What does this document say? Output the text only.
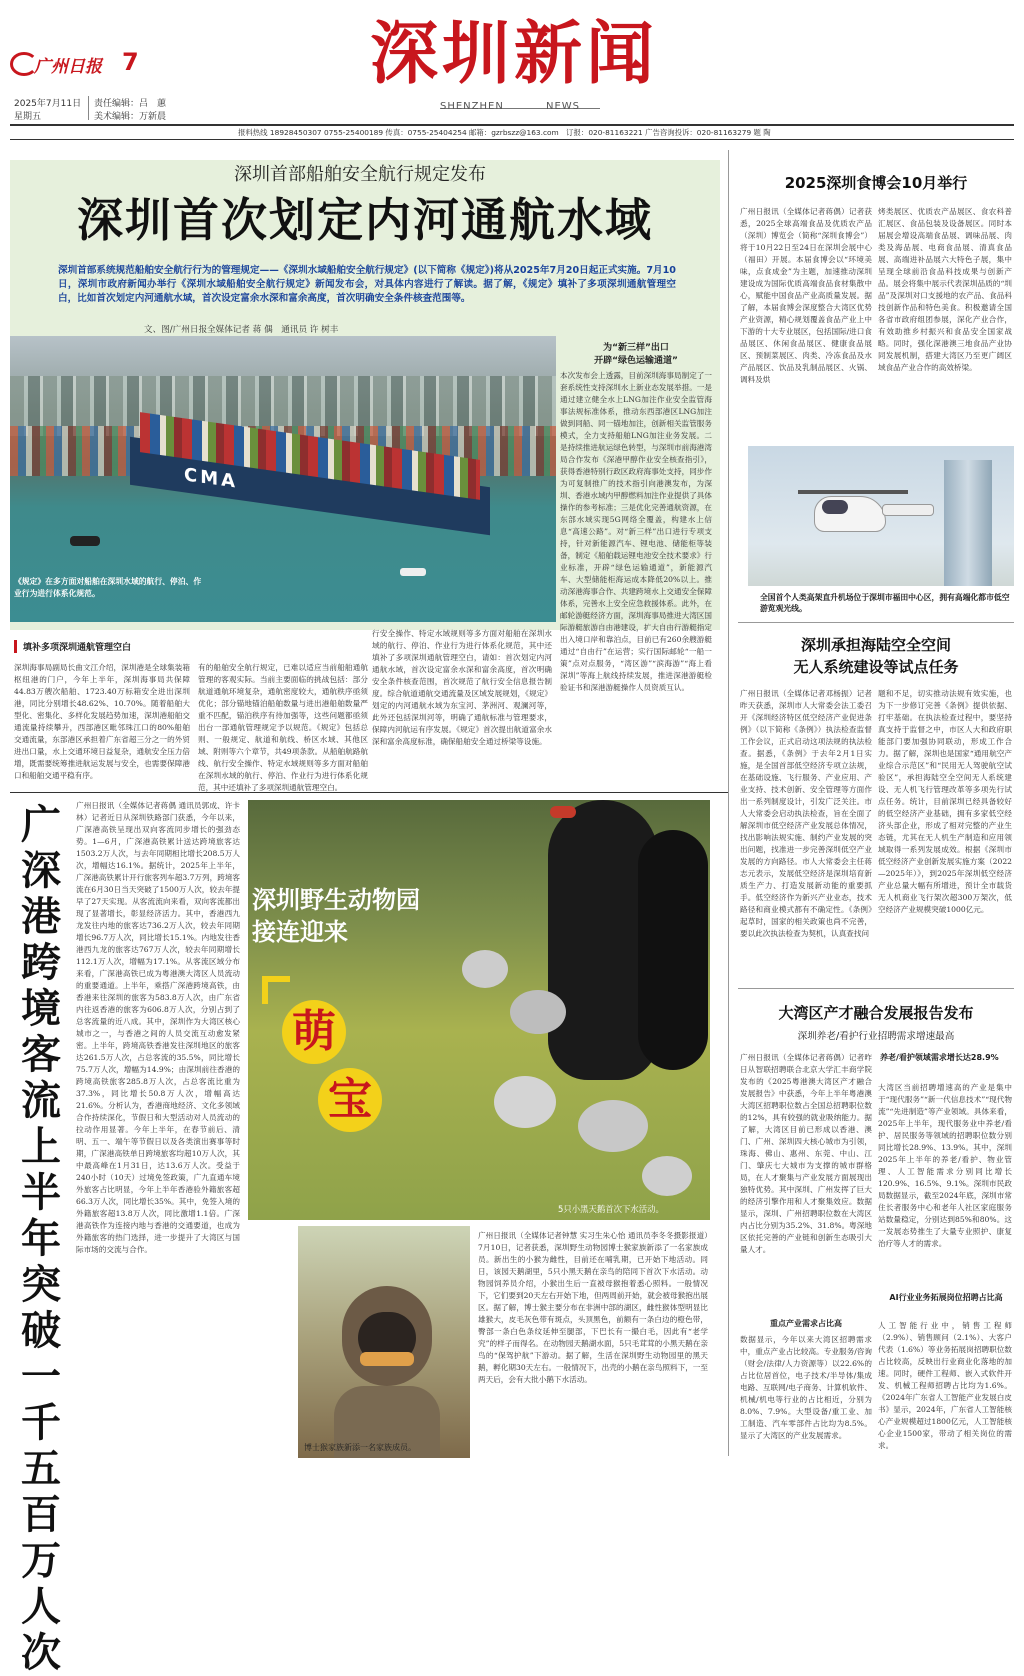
广州日报 7	深圳新闻
SHENZHEN	NEWS
2025年7月11日
星期五
责任编辑：吕　蕙
美术编辑：万新晨
报料热线 18928450307 0755-25400189 传真：0755-25404254 邮箱：gzrbszz@163.com　订报：020-81163221 广告咨询投诉：020-81163279 题 陶
深圳首部船舶安全航行规定发布
深圳首次划定内河通航水域
深圳首部系统规范船舶安全航行行为的管理规定——《深圳水域船舶安全航行规定》(以下简称《规定》)将从2025年7月20日起正式实施。7月10日，深圳市政府新闻办举行《深圳水域船舶安全航行规定》新闻发布会，对具体内容进行了解读。据了解，《规定》填补了多项深圳通航管理空白，比如首次划定内河通航水域，首次设定富余水深和富余高度，首次明确安全条件核查范围等。
文、图/广州日报全媒体记者 蒋 偶　通讯员 许 树丰
CMA
《规定》在多方面对船舶在深圳水域的航行、停泊、作业行为进行体系化规范。
为“新三样”出口
开辟“绿色运输通道”
本次发布会上透露，目前深圳海事局制定了一套系统性支持深圳水上新业态发展举措。一是通过建立健全水上LNG加注作业安全监管海事法规标准体系，推动东西部港区LNG加注做到同船、同一锚地加注，创新相关监管服务模式，全力支持船舶LNG加注业务发展。二是持续推进航运绿色转型，与深圳市前海港湾局合作发布《深港甲醇作业安全核查指引》，获得香港特别行政区政府海事处支持，同步作为可复制推广的技术指引向港澳发布，为深圳、香港水域内甲醇燃料加注作业提供了具体操作的参考标准；三是优化完善通航资源，在东部水域实现5G网络全覆盖，构建水上信息“高速公路”。对“新三样”出口进行专项支持，针对新能源汽车、锂电池、储能柜等装备，制定《船舶载运锂电池安全技术要求》行业标准，开辟“绿色运输通道”，新能源汽车、大型储能柜海运成本降低20%以上。推动深港海事合作、共建跨境水上交通安全保障体系，完善水上安全应急救援体系。此外，在邮轮游艇经济方面，深圳海事局推进大湾区国际游艇旅游自由港建设，扩大自由行游艇指定出入境口岸和靠泊点，目前已有260余艘游艇通过“自由行”在运营；实行国际邮轮“一船一策”点对点服务，“湾区游”“滨海游”“海上看深圳”等海上航线持续发展，推进深港游艇检验证书和深港游艇操作人员资质互认。
填补多项深圳通航管理空白
深圳海事局副局长曲文江介绍，深圳港是全球集装箱枢纽港的门户，今年上半年，深圳海事局共保障44.83万艘次船舶、1723.40万标箱安全进出深圳港，同比分别增长48.62%、10.70%。随着船舶大型化、密集化、多样化发展趋势加速，深圳港船舶交通流量持续攀升，西部港区毗邻珠江口的80%船舶交通流量，东部港区承担着广东省超三分之一的外贸进出口量，水上交通环境日益复杂，通航安全压力倍增，既需要统筹推进航运发展与安全，也需要保障港口和船舶交通平稳有序。
有的船舶安全航行规定，已难以适应当前船舶通航管理的客观实际。当前主要面临的挑战包括：部分航道通航环境复杂，通航密度较大，通航秩序亟须优化；部分锚地锚泊船舶数量与进出港船舶数量严重不匹配，锚泊秩序有待加强等，这些问题都亟须出台一部通航管理规定予以规范。《规定》包括总则、一般规定、航道和航线、桥区水域、其他区域、附则等六个章节，共49项条款。从船舶航路航线、航行安全操作、特定水域规则等多方面对船舶在深圳水域的航行、停泊、作业行为进行体系化规范，其中还填补了多项深圳通航管理空白。
行安全操作、特定水域规则等多方面对船舶在深圳水域的航行、停泊、作业行为进行体系化规范，其中还填补了多项深圳通航管理空白，请如：首次划定内河通航水域，首次设定富余水深和富余高度，首次明确安全条件核查范围，首次规范了航行安全信息报告制度。综合航道通航交通流量及区域发展规划，《规定》划定的内河通航水域为东宝河、茅洲河、观澜河等，此外还包括深圳河等，明确了通航标准与管理要求，保障内河航运有序发展。《规定》首次提出航道富余水深和富余高度标准，确保船舶安全通过桥梁等设施。
广深港跨境客流上半年突破一千五百万人次
广州日报讯（全媒体记者蒋偶 通讯员郭成、许卡林）记者近日从深圳铁路部门获悉，今年以来，广深港高铁呈现出双向客流同步增长的强劲态势。1—6月，广深港高铁累计送达跨境旅客达1503.2万人次，与去年同期相比增长208.5万人次，增幅达16.1%。据统计，2025年上半年，广深港高铁累计开行旅客列车超3.7万列，跨境客流在6月30日当天突破了1500万人次，较去年提早了27天实现。从客流流向来看，双向客流都出现了显著增长，彰显经济活力。其中，香港西九龙发往内地的旅客达736.2万人次，较去年同期增长96.7万人次，同比增长15.1%。内地发往香港西九龙的旅客达767万人次，较去年同期增长112.1万人次，增幅为17.1%。从客流区域分布来看，广深港高铁已成为粤港澳大湾区人员流动的重要通道。上半年，乘搭广深港跨境高铁，由香港来往深圳的旅客为583.8万人次，由广东省内往返香港的旅客为606.8万人次，分别占到了总客流量的近八成。其中，深圳作为大湾区核心城市之一，与香港之间的人员交流互动愈发紧密。上半年，跨境高铁香港发往深圳地区的旅客达261.5万人次，占总客流的35.5%，同比增长75.7万人次，增幅为14.9%；由深圳前往香港的跨境高铁旅客285.8万人次，占总客流比重为37.3%，同比增长50.8万人次，增幅高达21.6%。分析认为，香港商地经济、文化多领域合作持续深化，节假日和大型活动对人员流动的拉动作用显著。今年上半年，在春节前后、清明、五一、端午等节假日以及各类演出赛事等时期，广深港高铁单日跨境旅客均超10万人次，其中最高峰在1月31日，达13.6万人次。受益于240小时（10天）过境免签政策，广九直通车境外旅客占比明显，今年上半年香港验外籍旅客超66.3万人次，同比增长35%。其中，免签入境的外籍旅客超13.8万人次，同比激增1.1倍。广深港高铁作为连接内地与香港的交通要道，也成为外籍旅客的热门选择，进一步提升了大湾区与国际市场的交流与合作。
深圳野生动物园
接连迎来
萌
宝
5只小黑天鹅首次下水活动。
博士猴家族新添一名家族成员。
广州日报讯（全媒体记者钟慧 实习生朱心怡 通讯员李冬冬摄影报道）7月10日，记者获悉，深圳野生动物园博士猴家族新添了一名家族成员。新出生的小猴为雌性，目前还在哺乳期，已开始下地活动。同日，该园天鹅湖里，5只小黑天鹅在亲鸟的陪同下首次下水活动。动物园饲养员介绍，小猴出生后一直被母猴抱着悉心照料。一般情况下，它们要到20天左右开始下地，但两周前开始，就会被母猴抱出展区。据了解，博士猴主要分布在非洲中部的湖区，雌性猴体型明显比雄猴大，皮毛灰色带有斑点，头顶黑色，前额有一条白边的橙色带，臀部一条白色条纹延伸至腿部，下巴长有一撮白毛，因此有“老学究”的样子而得名。在动物园天鹅湖水面，5只毛茸茸的小黑天鹅在亲鸟的“保驾护航”下游动。据了解，生活在深圳野生动物园里的黑天鹅，孵化期30天左右。一般情况下，出壳的小鹅在亲鸟照料下，一至两天后，会有大批小鹅下水活动。
2025深圳食博会10月举行
广州日报讯（全媒体记者蒋偶）记者获悉，2025全球高端食品及优质农产品（深圳）博览会（简称“深圳食博会”）将于10月22日至24日在深圳会展中心（福田）开展。本届食博会以“环境美味，点食成金”为主题，加速推动深圳建设成为国际优质高端食品食材集散中心，赋能中国食品产业高质量发展。据了解，本届食博会深度整合大湾区优势产业资源，精心规划覆盖食品产业上中下游的十大专业展区，包括国际/进口食品展区、休闲食品展区、健康食品展区、预制菜展区、肉类、冷冻食品及水产品展区、饮品及乳制品展区、火锅、调料及烘
烤类展区、优质农产品展区、食农科普汇展区、食品包装及设备展区。同时本届展会增设高端食品展、调味品展、肉类及海品展、电商食品展、清真食品展、高端进补品展六大特色子展，集中呈现全球前沿食品科技成果与创新产品。展会将集中展示代表深圳品质的“圳品”及深圳对口支援地的农产品、食品科技创新作品和特色美食。积极邀请全国各省市政府组团参展，深化产业合作，有效助推乡村振兴和食品安全国家战略。同时，强化深港澳三地食品产业协同发展机制，搭建大湾区乃至更广阔区域食品产业合作的高效桥梁。
全国首个人类高架直升机场位于深圳市福田中心区，拥有高端化都市低空游览观光线。
深圳承担海陆空全空间
无人系统建设等试点任务
广州日报讯（全媒体记者邓杨振）记者昨天获悉，深圳市人大常委会法工委召开《深圳经济特区低空经济产业促进条例》（以下简称《条例》）执法检查监督工作会议，正式启动这项法规的执法检查。据悉，《条例》于去年2月1日实施，是全国首部低空经济专项立法规，在基础设施、飞行服务、产业应用、产业支持、技术创新、安全管理等方面作出一系列制度设计，引发广泛关注。市人大常委会启动执法检查，旨在全面了解深圳市低空经济产业发展总体情况，找出影响法规实施、制约产业发展的突出问题，找准进一步完善深圳低空产业发展的方向路径。市人大常委会主任蒋志元表示，发展低空经济是深圳培育新质生产力、打造发展新动能的重要抓手。低空经济作为新兴产业业态，技术路径和商业模式都有不确定性。《条例》起草时，国家的相关政策也尚不完善，要以此次执法检查为契机，认真查找问
题和不足，切实推动法规有效实施，也为下一步修订完善《条例》提供依据、打牢基础。在执法检查过程中，要坚持真支持于监督之中，市区人大和政府职能部门要加强协同联动，形成工作合力。据了解，深圳也是国家“通用航空产业综合示范区”和“民用无人驾驶航空试验区”，承担海陆空全空间无人系统建设、无人机飞行管理改革等多项先行试点任务。统计，目前深圳已经具备较好的低空经济产业基础，拥有多家低空经济头部企业，形成了相对完整的产业生态链，尤其在无人机生产制造和应用领域取得一系列发展成效。根据《深圳市低空经济产业创新发展实施方案（2022—2025年）》，到2025年深圳低空经济产业总量大幅有所增进，预计全市载货无人机商业飞行架次超300万架次，低空经济产业规模突破1000亿元。
大湾区产才融合发展报告发布
深圳养老/看护行业招聘需求增速最高
广州日报讯（全媒体记者蒋偶）记者昨日从智联招聘联合北京大学汇丰商学院发布的《2025粤港澳大湾区产才融合发展报告》中获悉，今年上半年粤港澳大湾区招聘职位数占全国总招聘职位数的12%，具有较强的就业吸纳能力。据了解，大湾区目前已形成以香港、澳门、广州、深圳四大核心城市为引领，珠海、佛山、惠州、东莞、中山、江门、肇庆七大城市为支撑的城市群格局，在人才聚集与产业发展方面展现出独特优势。其中深圳、广州发挥了巨大的经济引擎作用和人才聚集效应。数据显示，深圳、广州招聘职位数在大湾区内占比分别为35.2%、31.8%。粤深地区依托完善的产业链和创新生态吸引大量人才。
重点产业需求占比高
数据显示，今年以来大湾区招聘需求中，重点产业占比较高。专业服务/咨询（财会/法律/人力资源等）以22.6%的占比位居首位，电子技术/半导体/集成电路、互联网/电子商务、计算机软件、机械/机电等行业的占比相近，分别为8.0%、7.9%。大型设备/重工业、加工制造、汽车零部件占比均为8.5%。显示了大湾区的产业发展需求。
养老/看护领域需求增长达28.9%
大湾区当前招聘增速高的产业是集中于“现代服务”“新一代信息技术”“现代物流”“先进制造”等产业领域。具体来看，2025年上半年，现代服务业中养老/看护、居民服务等领域的招聘职位数分别同比增长28.9%、13.9%。其中，深圳2025年上半年的养老/看护、物业管理、人工智能需求分别同比增长120.9%、16.5%、9.1%。深圳市民政局数据显示，截至2024年底，深圳市常住长者服务中心和老年人社区家庭服务站数量稳定，分别达到85%和80%。这一发展态势推生了大量专业照护、康复治疗等人才的需求。
AI行业业务拓展岗位招聘占比高
人工智能行业中，销售工程师（2.9%）、销售顾问（2.1%）、大客户代表（1.6%）等业务拓展岗招聘职位数占比较高，反映出行业商业化落地的加速。同时，硬件工程师、嵌入式软件开发、机械工程师招聘占比均为1.6%。《2024年广东省人工智能产业发展白皮书》显示，2024年，广东省人工智能核心产业规模超过1800亿元，人工智能核心企业1500家，带动了相关岗位的需求。
